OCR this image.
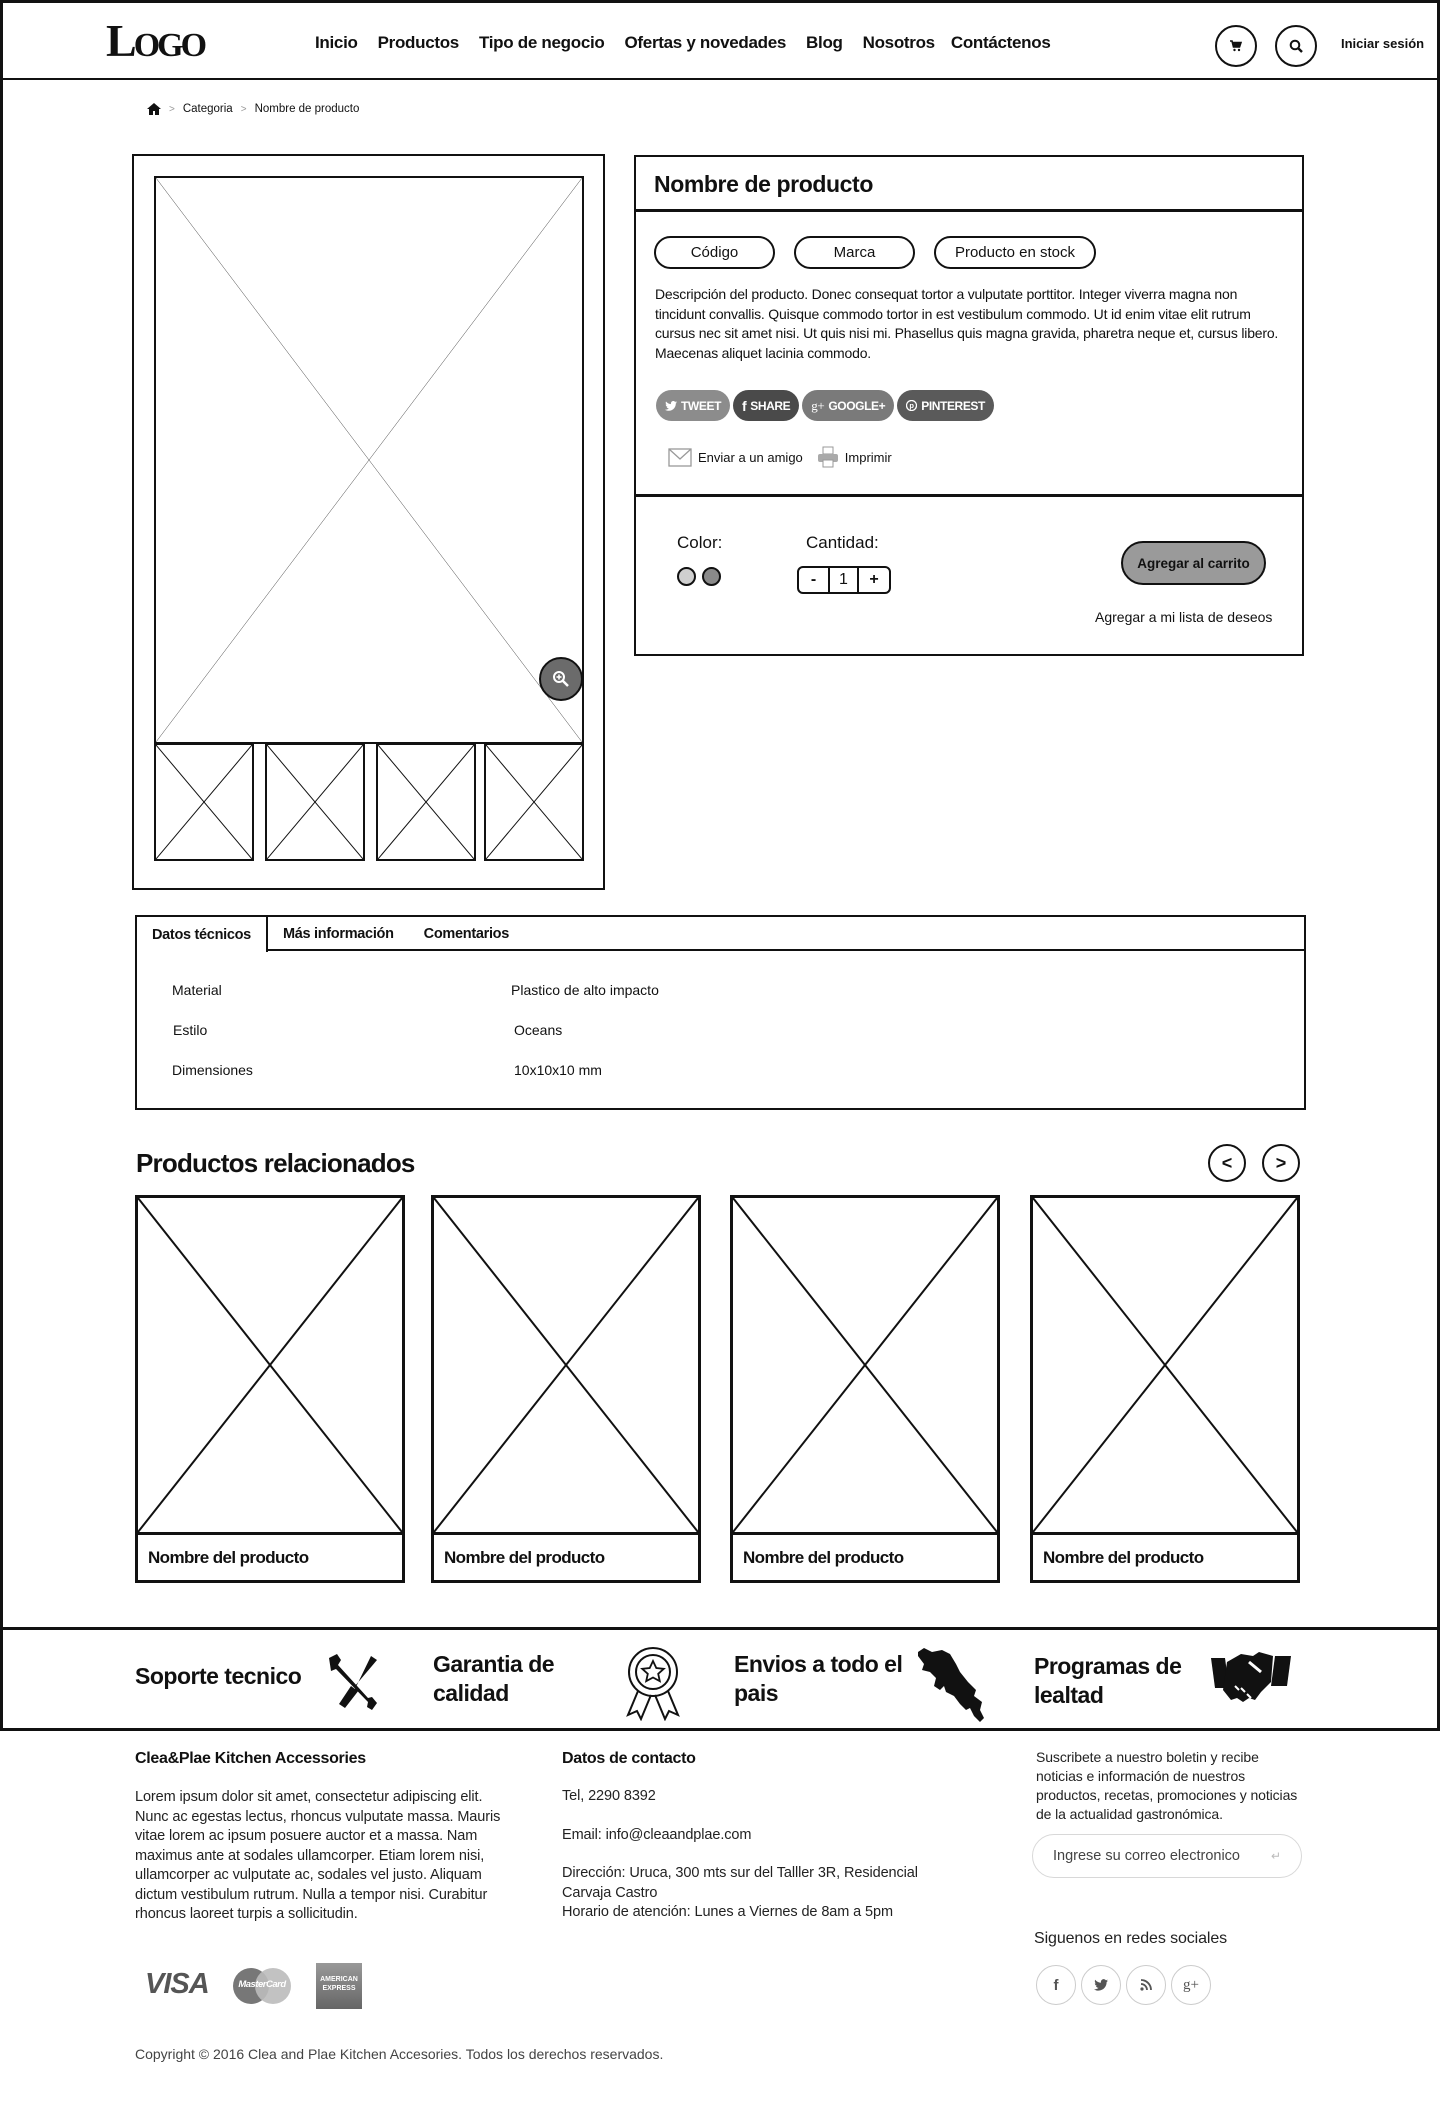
LOGO	Inicio Productos Tipo de negocio Ofertas y novedades Blog Nosotros Contáctenos	Iniciar sesión
> Categoria > Nombre de producto
Nombre de producto
Código	Marca	Producto en stock

Descripción del producto. Donec consequat tortor a vulputate porttitor. Integer viverra magna non tincidunt convallis. Quisque commodo tortor in est vestibulum commodo. Ut id enim vitae elit rutrum cursus nec sit amet nisi. Ut quis nisi mi. Phasellus quis magna gravida, pharetra neque et, cursus libero. Maecenas aliquet lacinia commodo.

TWEET f SHARE g+ GOOGLE+	p PINTEREST
Enviar a un amigo	Imprimir
Color:	Cantidad:
-	1	+
Agregar al carrito
Agregar a mi lista de deseos
Datos técnicos	Más información	Comentarios
Material	Plastico de alto impacto
Estilo	Oceans
Dimensiones	10x10x10 mm
Productos relacionados	<	>
Nombre del producto	Nombre del producto	Nombre del producto	Nombre del producto
Soporte tecnico	Garantia de calidad
Envios a todo el pais
Programas de lealtad
Clea&Plae Kitchen Accessories

Lorem ipsum dolor sit amet, consectetur adipiscing elit. Nunc ac egestas lectus, rhoncus vulputate massa. Mauris vitae lorem ac ipsum posuere auctor et a massa. Nam maximus ante at sodales ullamcorper. Etiam lorem nisi, ullamcorper ac vulputate ac, sodales vel justo. Aliquam dictum vestibulum rutrum. Nulla a tempor nisi. Curabitur rhoncus laoreet turpis a sollicitudin.

VISA	MasterCard	AMERICAN EXPRESS
Datos de contacto
Tel, 2290 8392
Email: info@cleaandplae.com
Dirección: Uruca, 300 mts sur del Talller 3R, Residencial Carvaja Castro
Horario de atención: Lunes a Viernes de 8am a 5pm

Suscribete a nuestro boletin y recibe noticias e información de nuestros productos, recetas, promociones y noticias de la actualidad gastronómica.

Ingrese su correo electronico	↵
Siguenos en redes sociales
f	g+
Copyright © 2016 Clea and Plae Kitchen Accesories. Todos los derechos reservados.
